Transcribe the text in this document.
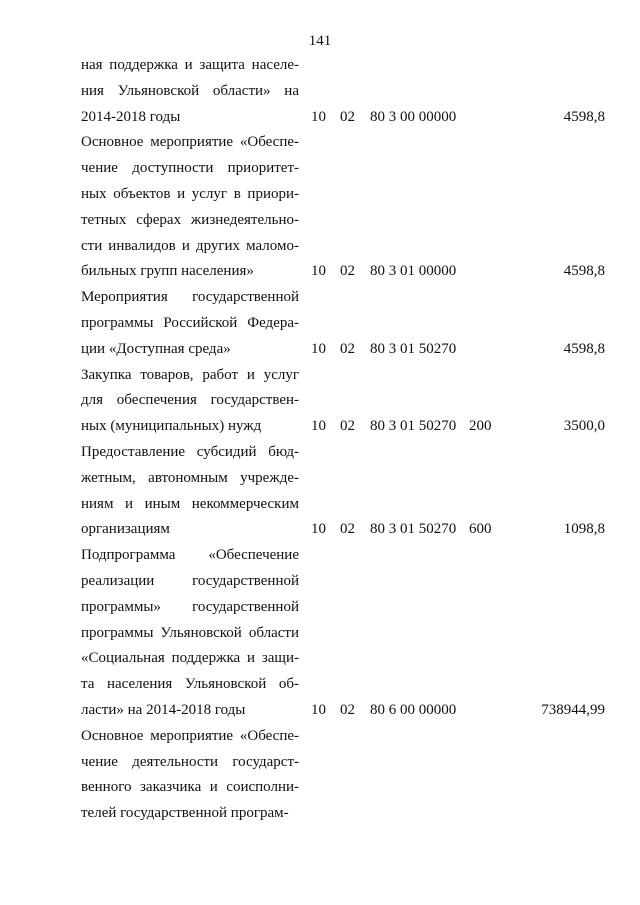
141
ная поддержка и защита населе-
ния Ульяновской области» на
2014-2018 годы	10 02 80 3 00 00000	4598,8
Основное мероприятие «Обеспе-
чение доступности приоритет-
ных объектов и услуг в приори-
тетных сферах жизнедеятельно-
сти инвалидов и других маломо-
бильных групп населения»	10 02 80 3 01 00000	4598,8
Мероприятия государственной
программы Российской Федера-
ции «Доступная среда»	10 02 80 3 01 50270	4598,8
Закупка товаров, работ и услуг
для обеспечения государствен-
ных (муниципальных) нужд	10 02 80 3 01 50270 200	3500,0
Предоставление субсидий бюд-
жетным, автономным учрежде-
ниям и иным некоммерческим
организациям	10 02 80 3 01 50270 600	1098,8
Подпрограмма «Обеспечение
реализации государственной
программы» государственной
программы Ульяновской области
«Социальная поддержка и защи-
та населения Ульяновской об-
ласти» на 2014-2018 годы	10 02 80 6 00 00000	738944,99
Основное мероприятие «Обеспе-
чение деятельности государст-
венного заказчика и соисполни-
телей государственной програм-
